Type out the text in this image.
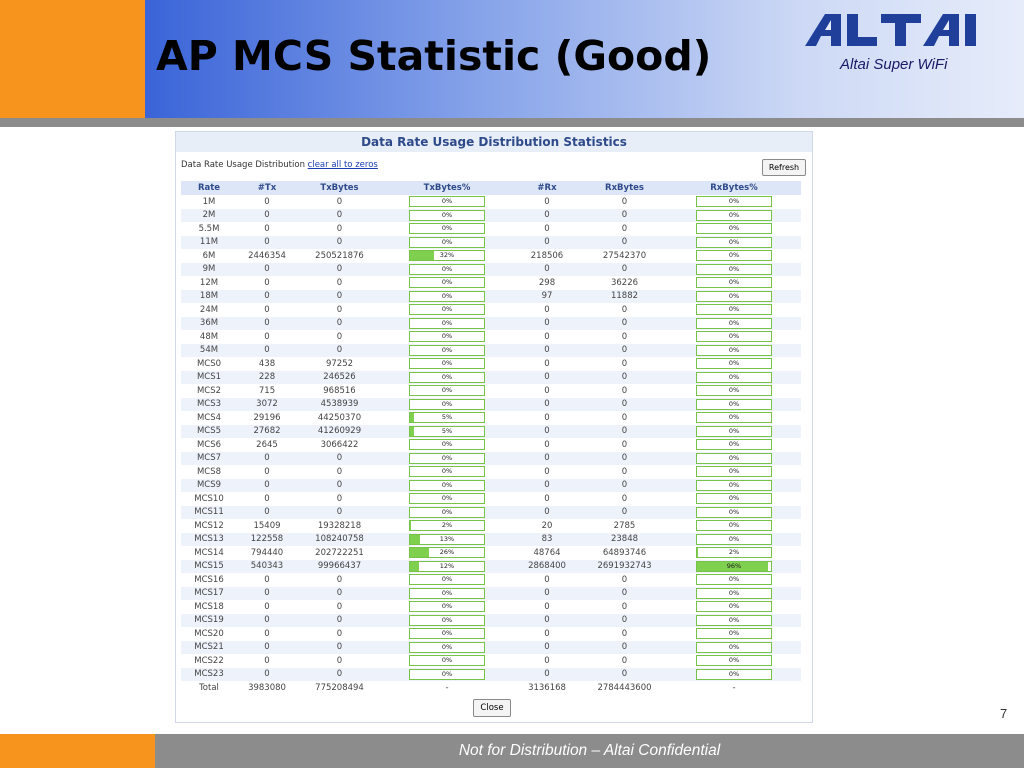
AP MCS Statistic (Good)	Altai Super WiFi
Data Rate Usage Distribution Statistics
Data Rate Usage Distribution clear all to zeros	Refresh
Rate	#Tx	TxBytes	TxBytes%	#Rx	RxBytes	RxBytes%
1M	0	0	0%	0	0	0%

2M	0	0	0%	0	0	0%

5.5M	0	0	0%	0	0	0%

11M	0	0	0%	0	0	0%

6M	2446354	250521876	32%	218506	27542370	0%

9M	0	0	0%	0	0	0%

12M	0	0	0%	298	36226	0%

18M	0	0	0%	97	11882	0%

24M	0	0	0%	0	0	0%

36M	0	0	0%	0	0	0%

48M	0	0	0%	0	0	0%

54M	0	0	0%	0	0	0%

MCS0	438	97252	0%	0	0	0%

MCS1	228	246526	0%	0	0	0%

MCS2	715	968516	0%	0	0	0%

MCS3	3072	4538939	0%	0	0	0%

MCS4	29196	44250370	5%	0	0	0%

MCS5	27682	41260929	5%	0	0	0%

MCS6	2645	3066422	0%	0	0	0%

MCS7	0	0	0%	0	0	0%

MCS8	0	0	0%	0	0	0%

MCS9	0	0	0%	0	0	0%

MCS10	0	0	0%	0	0	0%

MCS11	0	0	0%	0	0	0%

MCS12	15409	19328218	2%	20	2785	0%

MCS13	122558	108240758	13%	83	23848	0%

MCS14	794440	202722251	26%	48764	64893746	2%

MCS15	540343	99966437	12%	2868400	2691932743	96%

MCS16	0	0	0%	0	0	0%

MCS17	0	0	0%	0	0	0%

MCS18	0	0	0%	0	0	0%

MCS19	0	0	0%	0	0	0%

MCS20	0	0	0%	0	0	0%

MCS21	0	0	0%	0	0	0%

MCS22	0	0	0%	0	0	0%

MCS23	0	0	0%	0	0	0%

Total	3983080	775208494	-	3136168	2784443600	-
Close	7
Not for Distribution – Altai Confidential
